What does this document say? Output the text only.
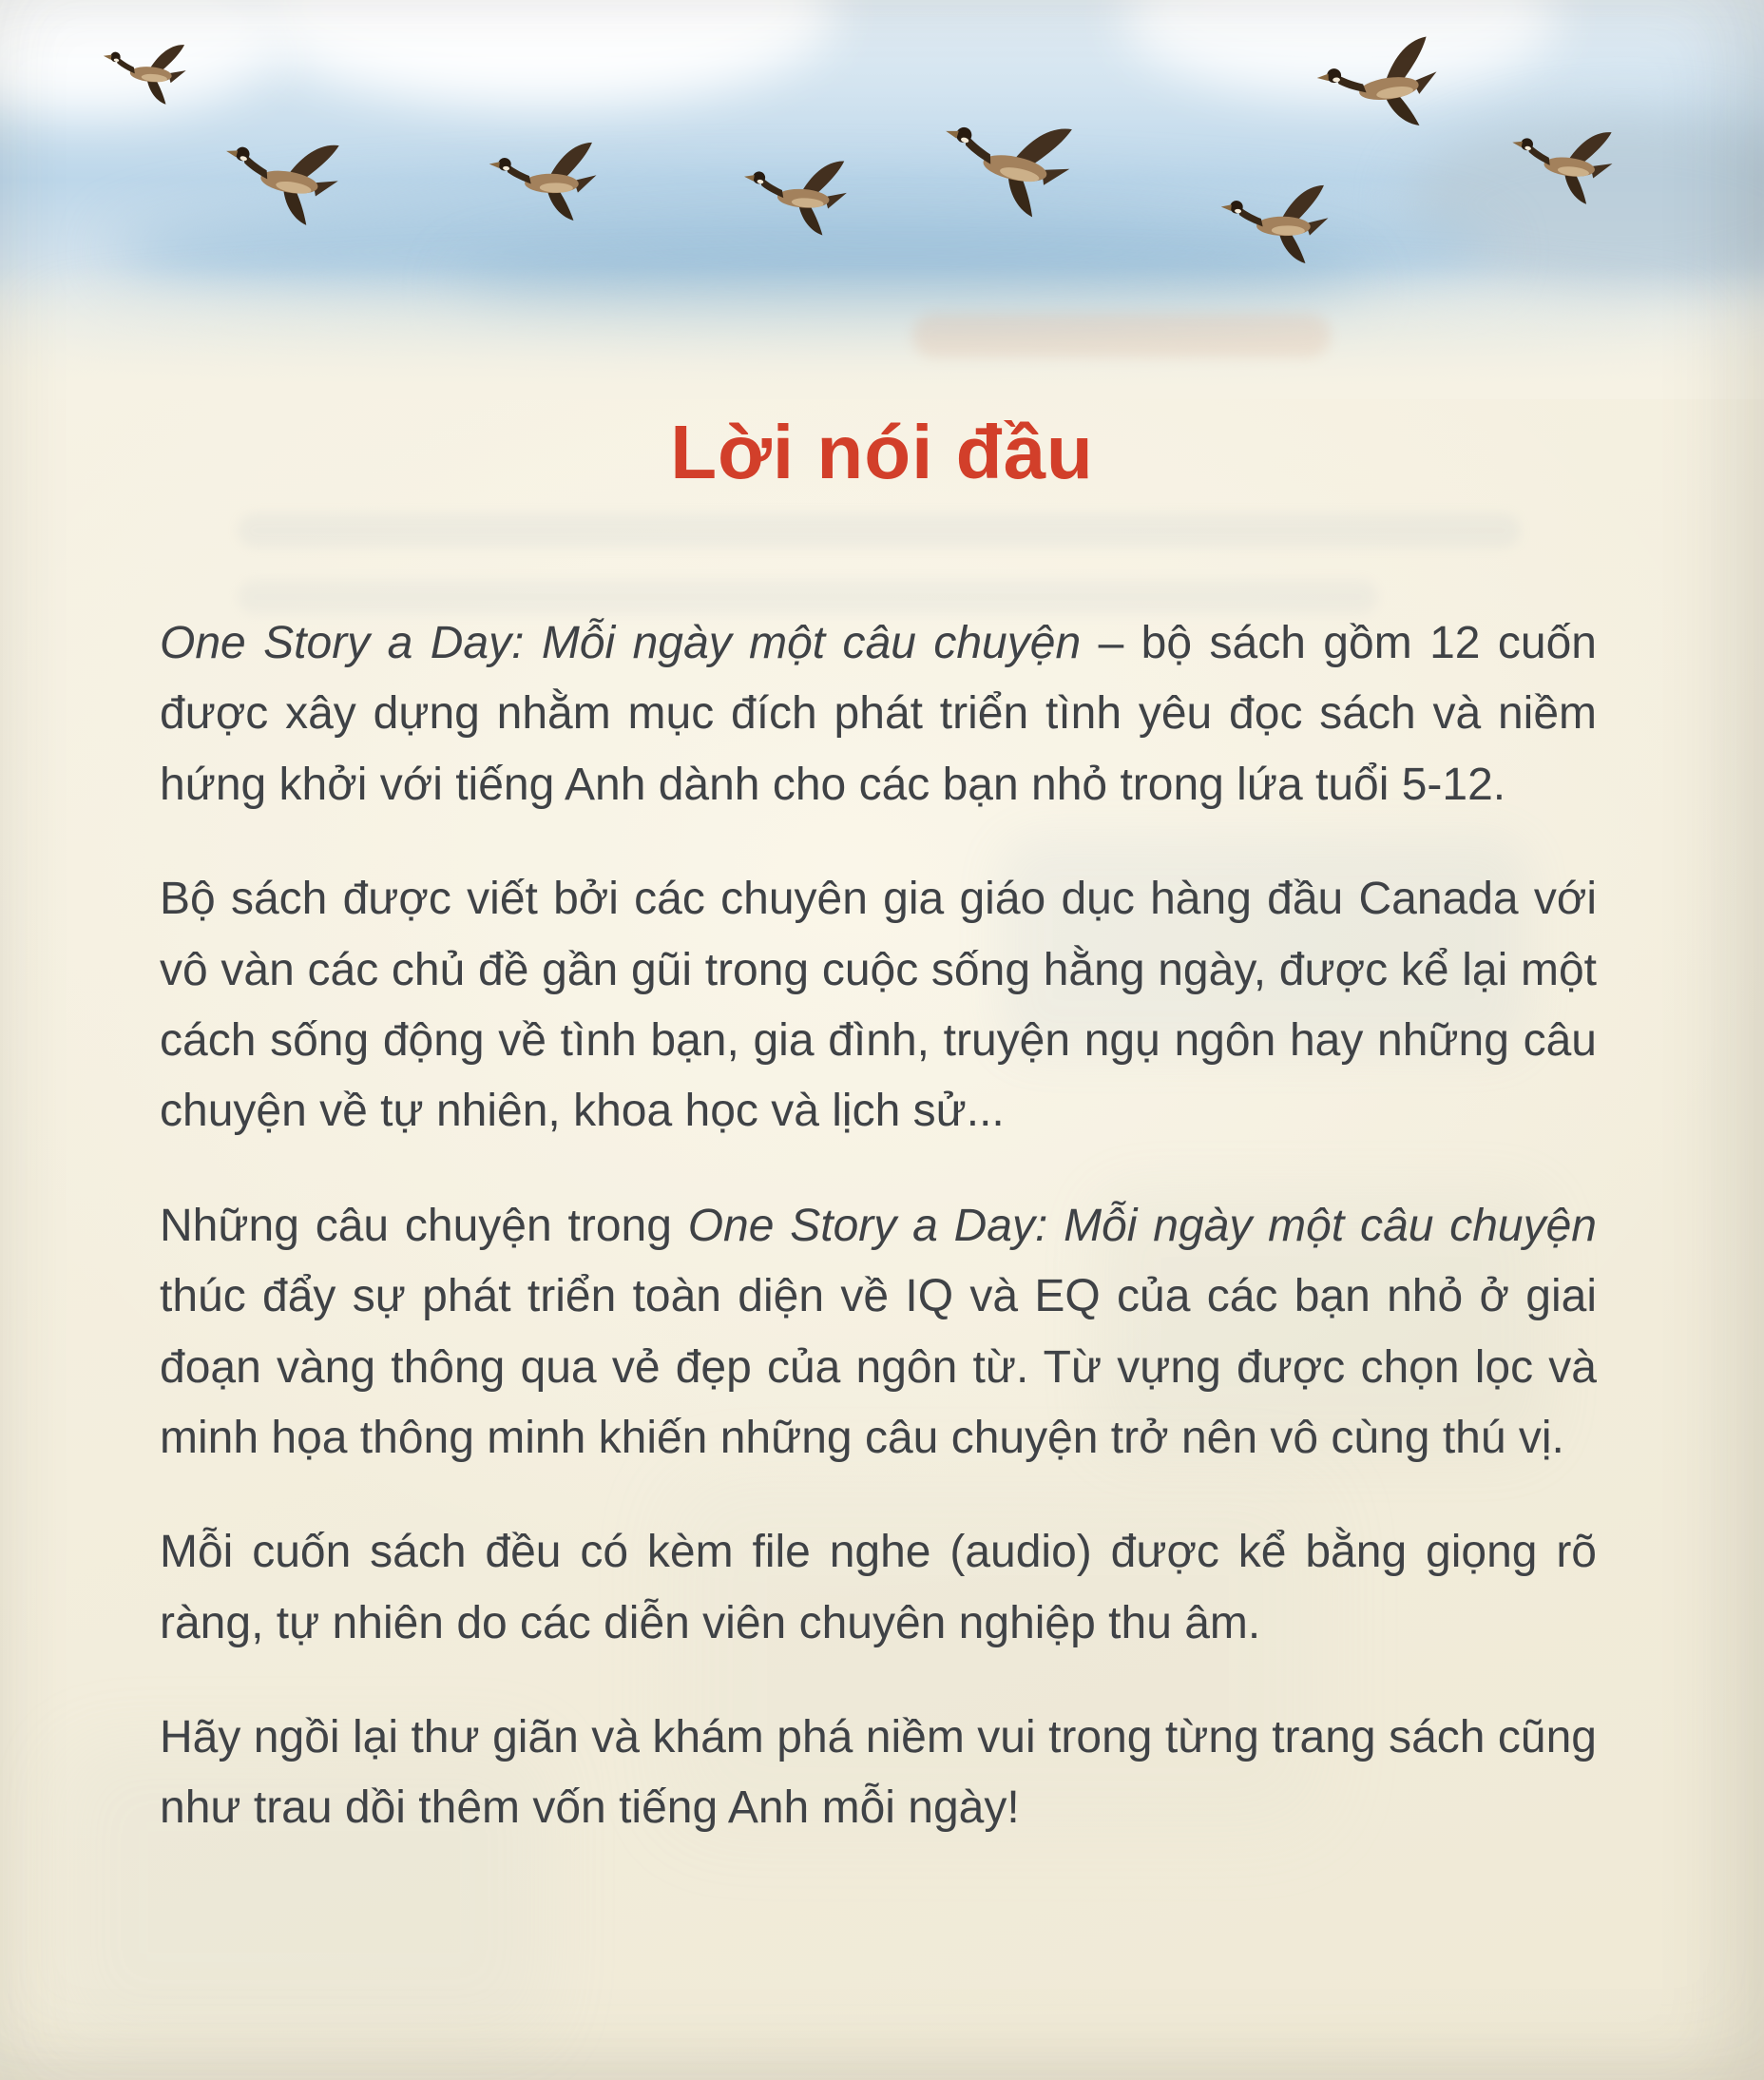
Lời nói đầu

One Story a Day: Mỗi ngày một câu chuyện – bộ sách gồm 12 cuốn được xây dựng nhằm mục đích phát triển tình yêu đọc sách và niềm hứng khởi với tiếng Anh dành cho các bạn nhỏ trong lứa tuổi 5-12.

Bộ sách được viết bởi các chuyên gia giáo dục hàng đầu Canada với vô vàn các chủ đề gần gũi trong cuộc sống hằng ngày, được kể lại một cách sống động về tình bạn, gia đình, truyện ngụ ngôn hay những câu chuyện về tự nhiên, khoa học và lịch sử...

Những câu chuyện trong One Story a Day: Mỗi ngày một câu chuyện thúc đẩy sự phát triển toàn diện về IQ và EQ của các bạn nhỏ ở giai đoạn vàng thông qua vẻ đẹp của ngôn từ. Từ vựng được chọn lọc và minh họa thông minh khiến những câu chuyện trở nên vô cùng thú vị.

Mỗi cuốn sách đều có kèm file nghe (audio) được kể bằng giọng rõ ràng, tự nhiên do các diễn viên chuyên nghiệp thu âm.

Hãy ngồi lại thư giãn và khám phá niềm vui trong từng trang sách cũng như trau dồi thêm vốn tiếng Anh mỗi ngày!
